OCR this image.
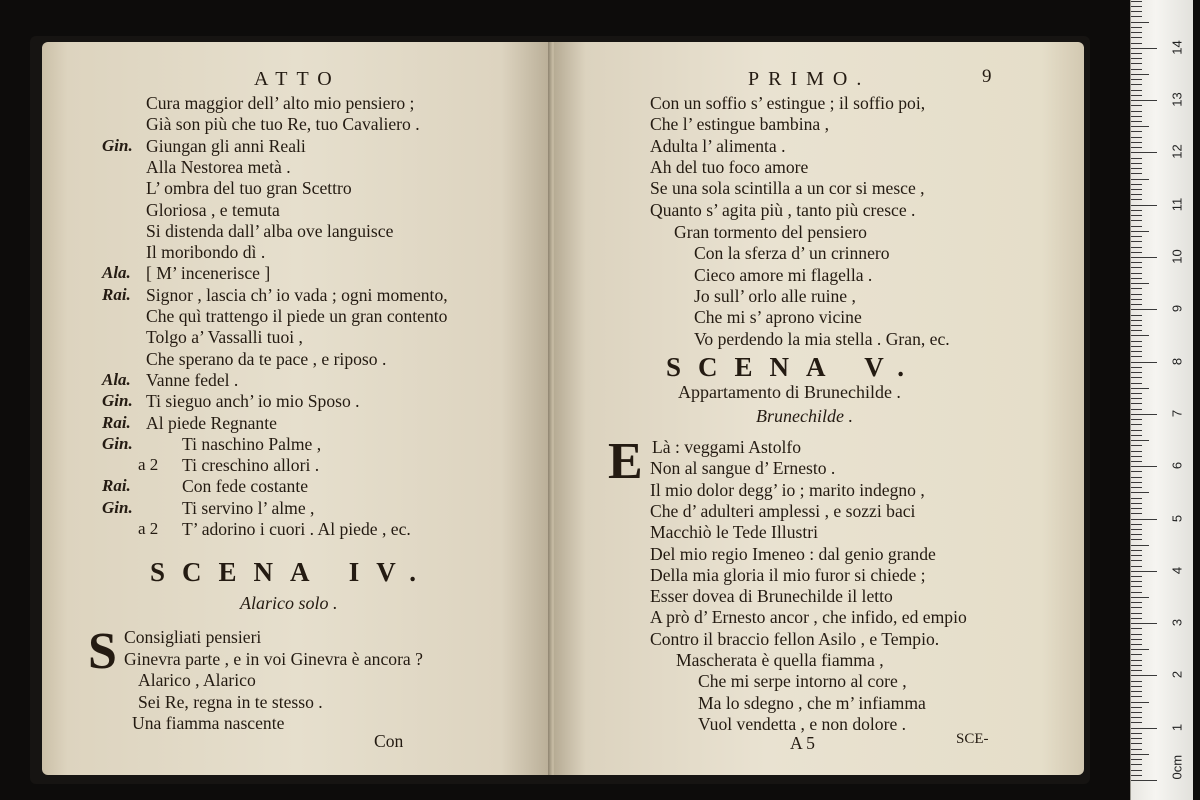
ATTO
Cura maggior dell’ alto mio pensiero ;
Già son più che tuo Re, tuo Cavaliero .
Gin. Giungan gli anni Reali
Alla Nestorea metà .
L’ ombra del tuo gran Scettro
Gloriosa , e temuta
Si distenda dall’ alba ove languisce
Il moribondo dì .
Ala. [ M’ incenerisce ]
Rai. Signor , lascia ch’ io vada ; ogni momento,
Che quì trattengo il piede un gran contento
Tolgo a’ Vassalli tuoi ,
Che sperano da te pace , e riposo .
Ala. Vanne fedel .
Gin. Ti sieguo anch’ io mio Sposo .
Rai. Al piede Regnante
Gin.	Ti naschino Palme ,
a 2 Ti creschino allori .
Rai.	Con fede costante
Gin.	Ti servino l’ alme ,
a 2 T’ adorino i cuori . Al piede , ec.
SCENA IV.
Alarico solo .
S Consigliati pensieri
Ginevra parte , e in voi Ginevra è ancora ?
Alarico , Alarico
Sei Re, regna in te stesso .
Una fiamma nascente
Con
PRIMO.	9
Con un soffio s’ estingue ; il soffio poi,
Che l’ estingue bambina ,
Adulta l’ alimenta .
Ah del tuo foco amore
Se una sola scintilla a un cor si mesce ,
Quanto s’ agita più , tanto più cresce .
Gran tormento del pensiero
Con la sferza d’ un crinnero
Cieco amore mi flagella .
Jo sull’ orlo alle ruine ,
Che mi s’ aprono vicine
Vo perdendo la mia stella . Gran, ec.
SCENA V.
Appartamento di Brunechilde .
Brunechilde .
E Là : veggami Astolfo
Non al sangue d’ Ernesto .
Il mio dolor degg’ io ; marito indegno ,
Che d’ adulteri amplessi , e sozzi baci
Macchiò le Tede Illustri
Del mio regio Imeneo : dal genio grande
Della mia gloria il mio furor si chiede ;
Esser dovea di Brunechilde il letto
A prò d’ Ernesto ancor , che infido, ed empio
Contro il braccio fellon Asilo , e Tempio.
Mascherata è quella fiamma ,
Che mi serpe intorno al core ,
Ma lo sdegno , che m’ infiamma
Vuol vendetta , e non dolore .
A 5	SCE-
14
13
12
11
10
9
8
7
6
5
4
3
2
1
0cm
